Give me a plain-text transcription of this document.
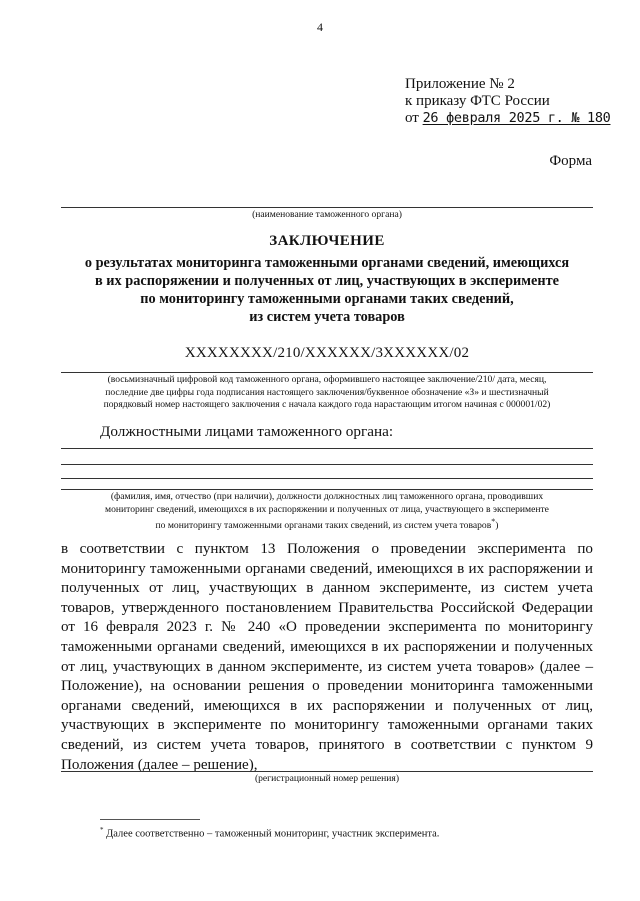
4
Приложение № 2
к приказу ФТС России
от 26 февраля 2025 г. № 180
Форма
(наименование таможенного органа)
ЗАКЛЮЧЕНИЕ
о результатах мониторинга таможенными органами сведений, имеющихся
в их распоряжении и полученных от лиц, участвующих в эксперименте
по мониторингу таможенными органами таких сведений,
из систем учета товаров
XXXXXXXX/210/XXXXXX/3XXXXXX/02
(восьмизначный цифровой код таможенного органа, оформившего настоящее заключение/210/ дата, месяц,
последние две цифры года подписания настоящего заключения/буквенное обозначение «З» и шестизначный
порядковый номер настоящего заключения с начала каждого года нарастающим итогом начиная с 000001/02)
Должностными лицами таможенного органа:
(фамилия, имя, отчество (при наличии), должности должностных лиц таможенного органа, проводивших
мониторинг сведений, имеющихся в их распоряжении и полученных от лица, участвующего в эксперименте
по мониторингу таможенными органами таких сведений, из систем учета товаров*)
в соответствии с пунктом 13 Положения о проведении эксперимента по мониторингу таможенными органами сведений, имеющихся в их распоряжении и полученных от лиц, участвующих в данном эксперименте, из систем учета товаров, утвержденного постановлением Правительства Российской Федерации от 16 февраля 2023 г. № 240 «О проведении эксперимента по мониторингу таможенными органами сведений, имеющихся в их распоряжении и полученных от лиц, участвующих в данном эксперименте, из систем учета товаров» (далее – Положение), на основании решения о проведении мониторинга таможенными органами сведений, имеющихся в их распоряжении и полученных от лиц, участвующих в эксперименте по мониторингу таможенными органами таких сведений, из систем учета товаров, принятого в соответствии с пунктом 9 Положения (далее – решение),
(регистрационный номер решения)
* Далее соответственно – таможенный мониторинг, участник эксперимента.
